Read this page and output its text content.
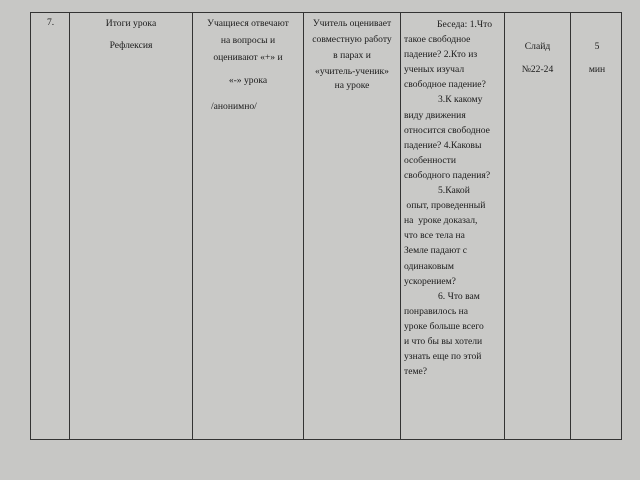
7.	Итоги урока

Рефлексия

Учащиеся отвечают

на вопросы и

оценивают «+» и

«-» урока

/анонимно/

Учитель оценивает

совместную работу

в парах и

«учитель-ученик»

на уроке

Беседа: 1.Что

такое свободное

падение? 2.Кто из

ученых изучал

свободное падение?

3.К какому

виду движения

относится свободное

падение? 4.Каковы

особенности

свободного падения?

5.Какой

опыт, проведенный

на  уроке доказал,

что все тела на

Земле падают с

одинаковым

ускорением?

6. Что вам

понравилось на

уроке больше всего

и что бы вы хотели

узнать еще по этой

теме?

Слайд

№22-24

5

мин
